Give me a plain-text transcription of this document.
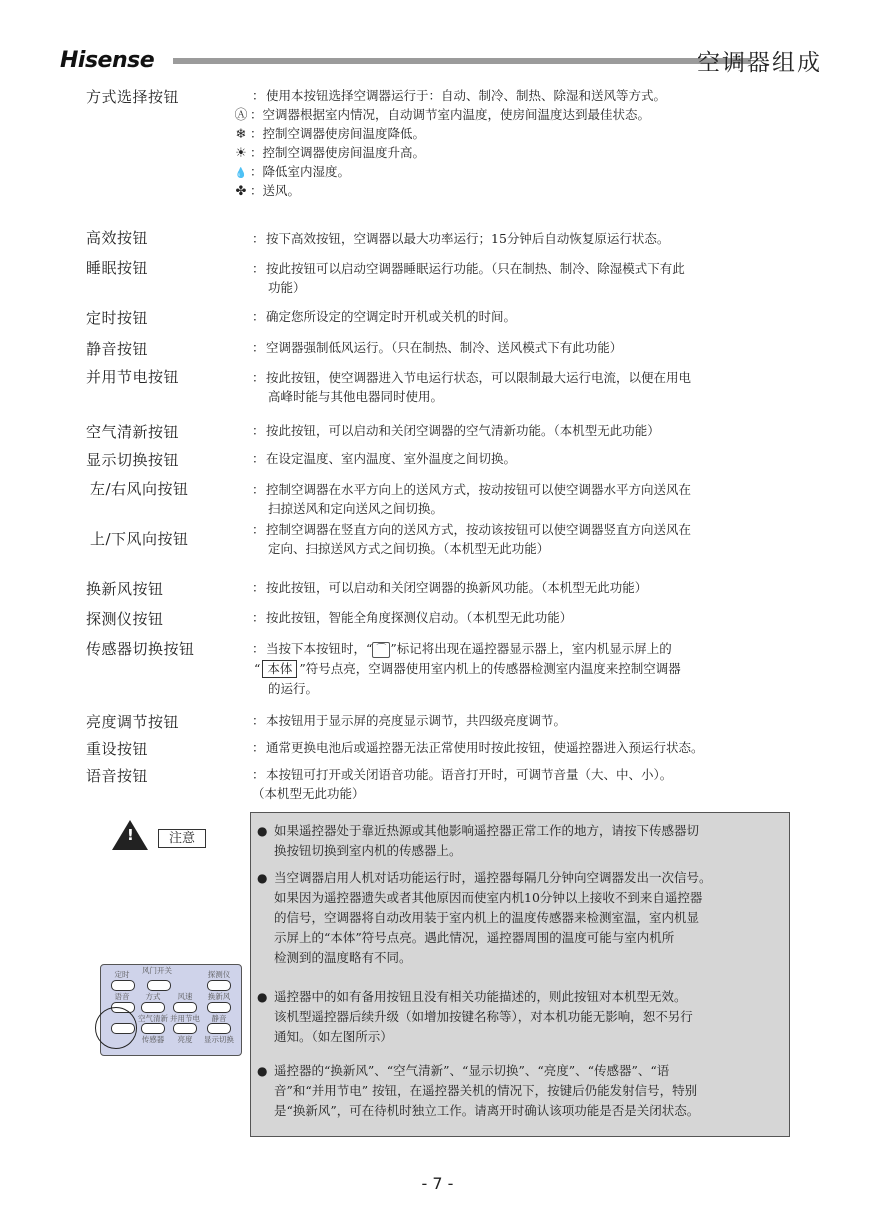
Hisense	空调器组成
方式选择按钮	：使用本按钮选择空调器运行于：自动、制冷、制热、除湿和送风等方式。
Ⓐ ：空调器根据室内情况，自动调节室内温度，使房间温度达到最佳状态。
❄ ：控制空调器使房间温度降低。
☀ ：控制空调器使房间温度升高。
💧 ：降低室内湿度。
✤ ：送风。
高效按钮	：按下高效按钮，空调器以最大功率运行；15分钟后自动恢复原运行状态。
睡眠按钮	：按此按钮可以启动空调器睡眠运行功能。（只在制热、制冷、除湿模式下有此
功能）
定时按钮	：确定您所设定的空调定时开机或关机的时间。
静音按钮	：空调器强制低风运行。（只在制热、制冷、送风模式下有此功能）
并用节电按钮	：按此按钮，使空调器进入节电运行状态，可以限制最大运行电流，以便在用电
高峰时能与其他电器同时使用。
空气清新按钮	：按此按钮，可以启动和关闭空调器的空气清新功能。（本机型无此功能）
显示切换按钮	：在设定温度、室内温度、室外温度之间切换。
左/右风向按钮	：控制空调器在水平方向上的送风方式，按动按钮可以使空调器水平方向送风在
扫掠送风和定向送风之间切换。
上/下风向按钮
：控制空调器在竖直方向的送风方式，按动该按钮可以使空调器竖直方向送风在
定向、扫掠送风方式之间切换。（本机型无此功能）
换新风按钮	：按此按钮，可以启动和关闭空调器的换新风功能。（本机型无此功能）
探测仪按钮	：按此按钮，智能全角度探测仪启动。（本机型无此功能）
传感器切换按钮	：当按下本按钮时，“ ⌒ ”标记将出现在遥控器显示器上，室内机显示屏上的
“ 本体 ”符号点亮，空调器使用室内机上的传感器检测室内温度来控制空调器
的运行。
亮度调节按钮	：本按钮用于显示屏的亮度显示调节，共四级亮度调节。
重设按钮	：通常更换电池后或遥控器无法正常使用时按此按钮，使遥控器进入预运行状态。
语音按钮	：本按钮可打开或关闭语音功能。语音打开时，可调节音量（大、中、小）。
（本机型无此功能）
!	注意	● 如果遥控器处于靠近热源或其他影响遥控器正常工作的地方，请按下传感器切
换按钮切换到室内机的传感器上。
● 当空调器启用人机对话功能运行时，遥控器每隔几分钟向空调器发出一次信号。
如果因为遥控器遗失或者其他原因而使室内机10分钟以上接收不到来自遥控器
的信号，空调器将自动改用装于室内机上的温度传感器来检测室温，室内机显
示屏上的“本体”符号点亮。遇此情况，遥控器周围的温度可能与室内机所
检测到的温度略有不同。
● 遥控器中的如有备用按钮且没有相关功能描述的，则此按钮对本机型无效。
该机型遥控器后续升级（如增加按键名称等），对本机功能无影响，恕不另行
通知。（如左图所示）
● 遥控器的“换新风”、“空气清新”、“显示切换”、“亮度”、“传感器”、“语
音”和“并用节电” 按钮，在遥控器关机的情况下，按键后仍能发射信号，特别
是“换新风”，可在待机时独立工作。请离开时确认该项功能是否是关闭状态。
定时	风门开关	探测仪
语音	方式	风速	换新风
空气清新 并用节电	静音
传感器	亮度	显示切换
- 7 -
